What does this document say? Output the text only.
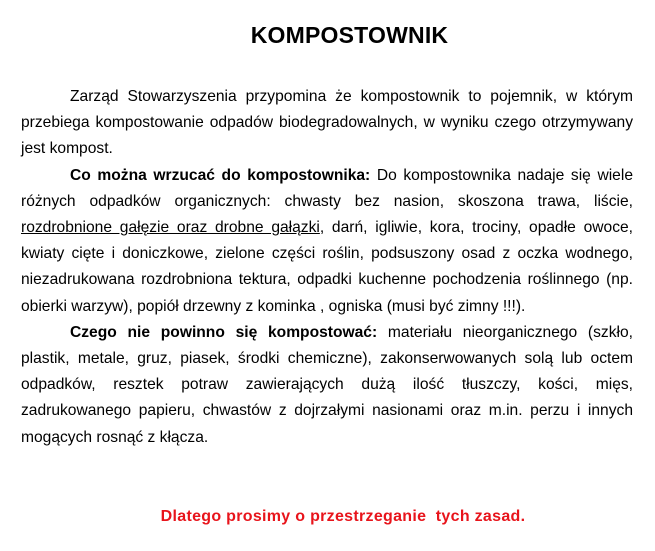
KOMPOSTOWNIK

Zarząd Stowarzyszenia przypomina że kompostownik to pojemnik, w którym przebiega kompostowanie odpadów biodegradowalnych, w wyniku czego otrzymywany jest kompost.

Co można wrzucać do kompostownika: Do kompostownika nadaje się wiele różnych odpadków organicznych: chwasty bez nasion, skoszona trawa, liście, rozdrobnione gałęzie oraz drobne gałązki, darń, igliwie, kora, trociny, opadłe owoce, kwiaty cięte i doniczkowe, zielone części roślin, podsuszony osad z oczka wodnego, niezadrukowana rozdrobniona tektura, odpadki kuchenne pochodzenia roślinnego (np. obierki warzyw), popiół drzewny z kominka , ogniska (musi być zimny !!!).

Czego nie powinno się kompostować: materiału nieorganicznego (szkło, plastik, metale, gruz, piasek, środki chemiczne), zakonserwowanych solą lub octem odpadków, resztek potraw zawierających dużą ilość tłuszczy, kości, mięs, zadrukowanego papieru, chwastów z dojrzałymi nasionami oraz m.in. perzu i innych mogących rosnąć z kłącza.

Dlatego prosimy o przestrzeganie  tych zasad.
